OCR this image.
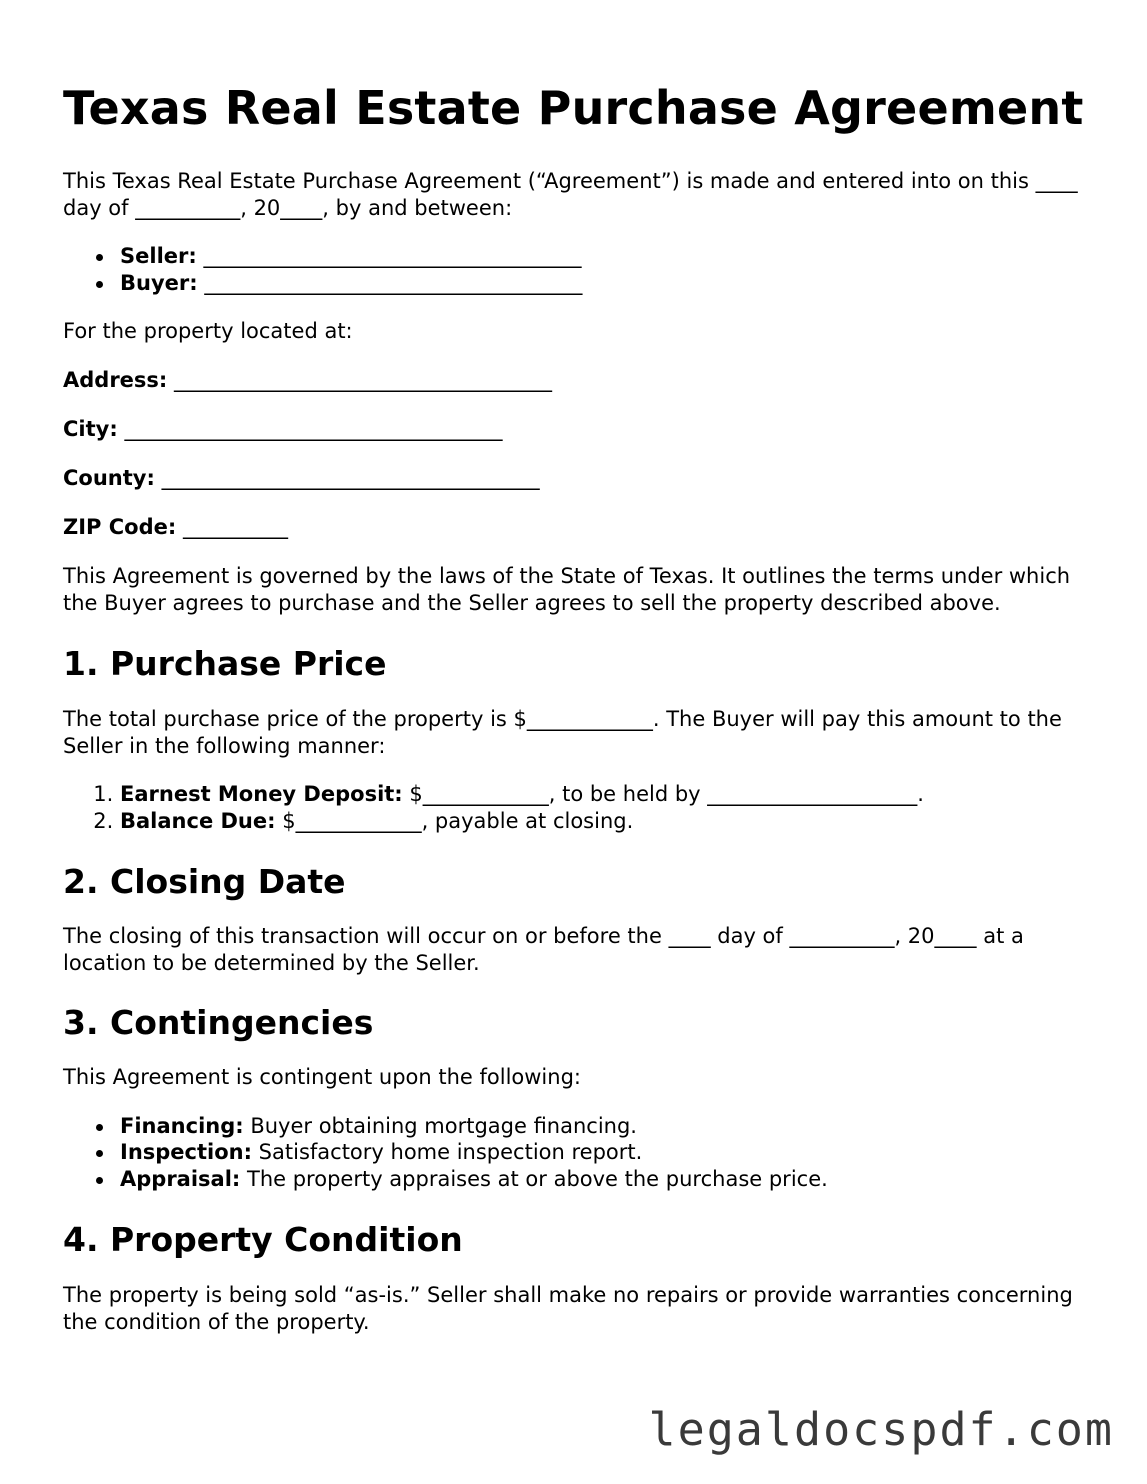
Texas Real Estate Purchase Agreement

This Texas Real Estate Purchase Agreement (“Agreement”) is made and entered into on this ____ day of __________, 20____, by and between:

Seller: ____________________________________
Buyer: ____________________________________

For the property located at:

Address: ____________________________________

City: ____________________________________

County: ____________________________________

ZIP Code: __________

This Agreement is governed by the laws of the State of Texas. It outlines the terms under which the Buyer agrees to purchase and the Seller agrees to sell the property described above.

1. Purchase Price

The total purchase price of the property is $____________. The Buyer will pay this amount to the Seller in the following manner:

1. Earnest Money Deposit: $____________, to be held by ____________________.
2. Balance Due: $____________, payable at closing.
2. Closing Date

The closing of this transaction will occur on or before the ____ day of __________, 20____ at a location to be determined by the Seller.

3. Contingencies

This Agreement is contingent upon the following:

Financing: Buyer obtaining mortgage financing.
Inspection: Satisfactory home inspection report.
Appraisal: The property appraises at or above the purchase price.
4. Property Condition

The property is being sold “as-is.” Seller shall make no repairs or provide warranties concerning the condition of the property.

legaldocspdf.com
